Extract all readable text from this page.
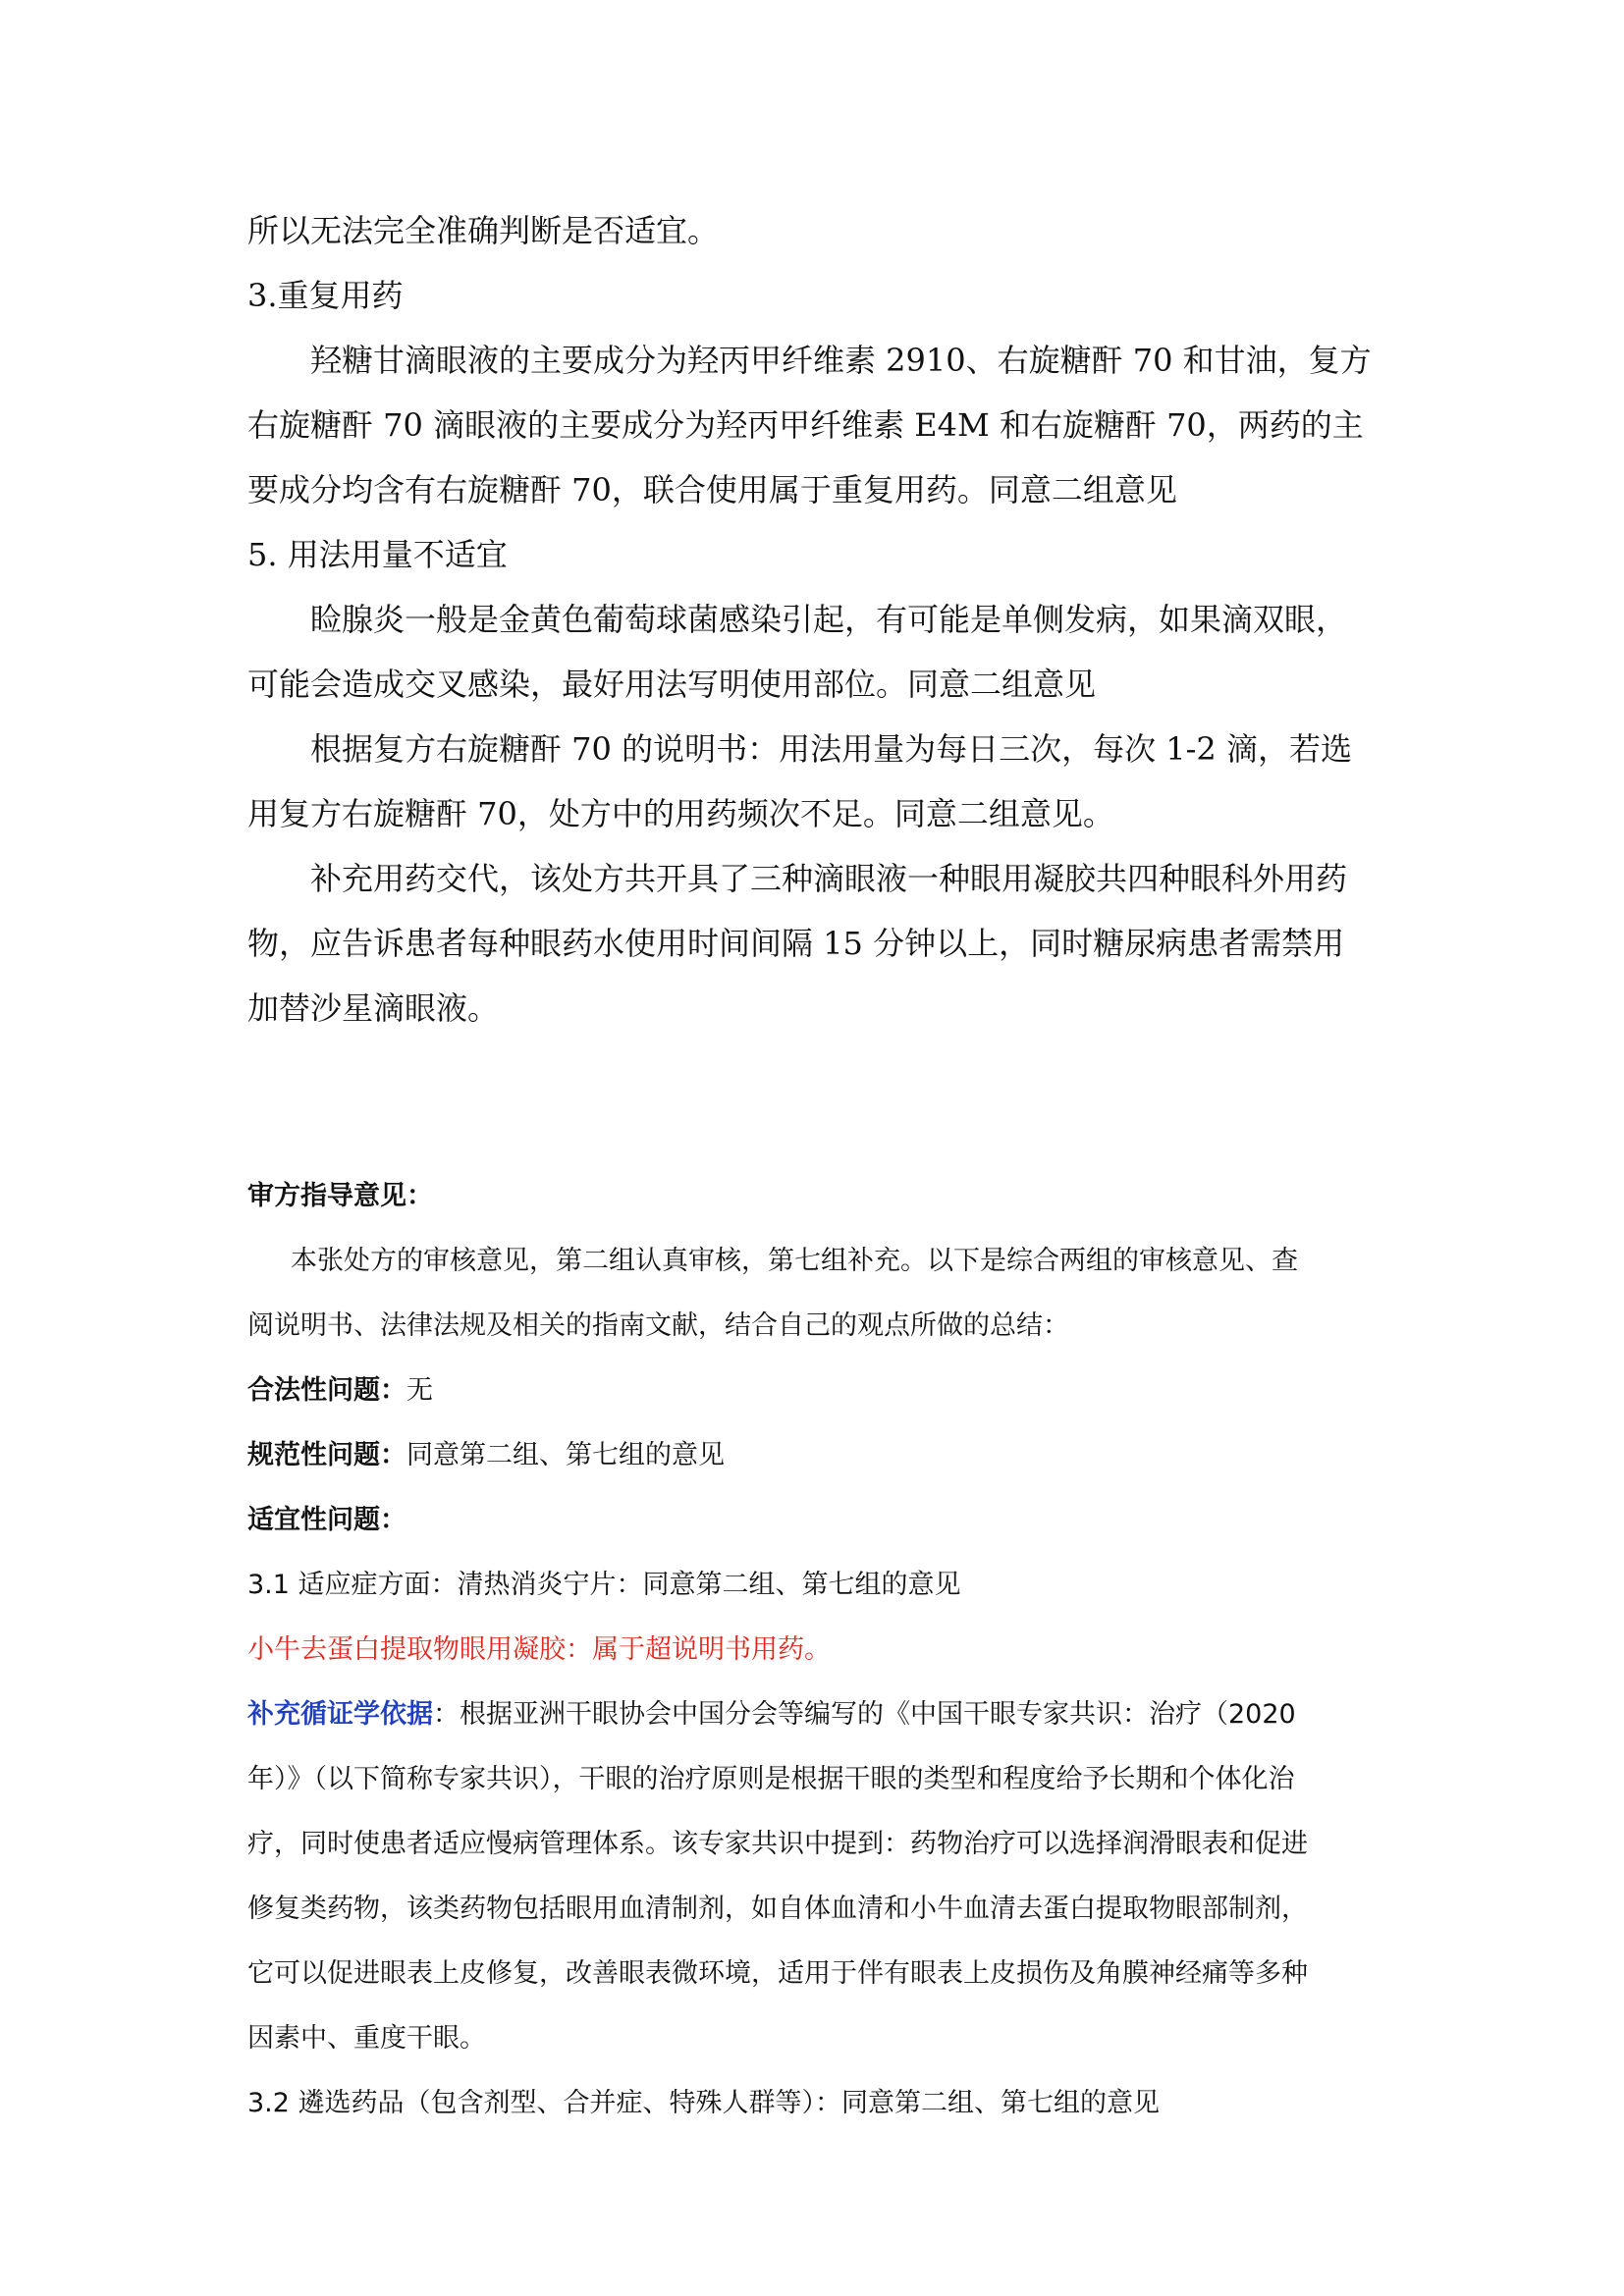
所以无法完全准确判断是否适宜。

3.重复用药

羟糖甘滴眼液的主要成分为羟丙甲纤维素 2910、右旋糖酐 70 和甘油，复方

右旋糖酐 70 滴眼液的主要成分为羟丙甲纤维素 E4M 和右旋糖酐 70，两药的主

要成分均含有右旋糖酐 70，联合使用属于重复用药。同意二组意见

5. 用法用量不适宜

睑腺炎一般是金黄色葡萄球菌感染引起，有可能是单侧发病，如果滴双眼，

可能会造成交叉感染，最好用法写明使用部位。同意二组意见

根据复方右旋糖酐 70 的说明书：用法用量为每日三次，每次 1-2 滴，若选

用复方右旋糖酐 70，处方中的用药频次不足。同意二组意见。

补充用药交代，该处方共开具了三种滴眼液一种眼用凝胶共四种眼科外用药

物，应告诉患者每种眼药水使用时间间隔 15 分钟以上，同时糖尿病患者需禁用

加替沙星滴眼液。

审方指导意见：

本张处方的审核意见，第二组认真审核，第七组补充。以下是综合两组的审核意见、查

阅说明书、法律法规及相关的指南文献，结合自己的观点所做的总结：

合法性问题：无

规范性问题：同意第二组、第七组的意见

适宜性问题：

3.1 适应症方面：清热消炎宁片：同意第二组、第七组的意见

小牛去蛋白提取物眼用凝胶：属于超说明书用药。

补充循证学依据：根据亚洲干眼协会中国分会等编写的《中国干眼专家共识：治疗（2020

年）》（以下简称专家共识），干眼的治疗原则是根据干眼的类型和程度给予长期和个体化治

疗，同时使患者适应慢病管理体系。该专家共识中提到：药物治疗可以选择润滑眼表和促进

修复类药物，该类药物包括眼用血清制剂，如自体血清和小牛血清去蛋白提取物眼部制剂，

它可以促进眼表上皮修复，改善眼表微环境，适用于伴有眼表上皮损伤及角膜神经痛等多种

因素中、重度干眼。

3.2 遴选药品（包含剂型、合并症、特殊人群等）：同意第二组、第七组的意见
